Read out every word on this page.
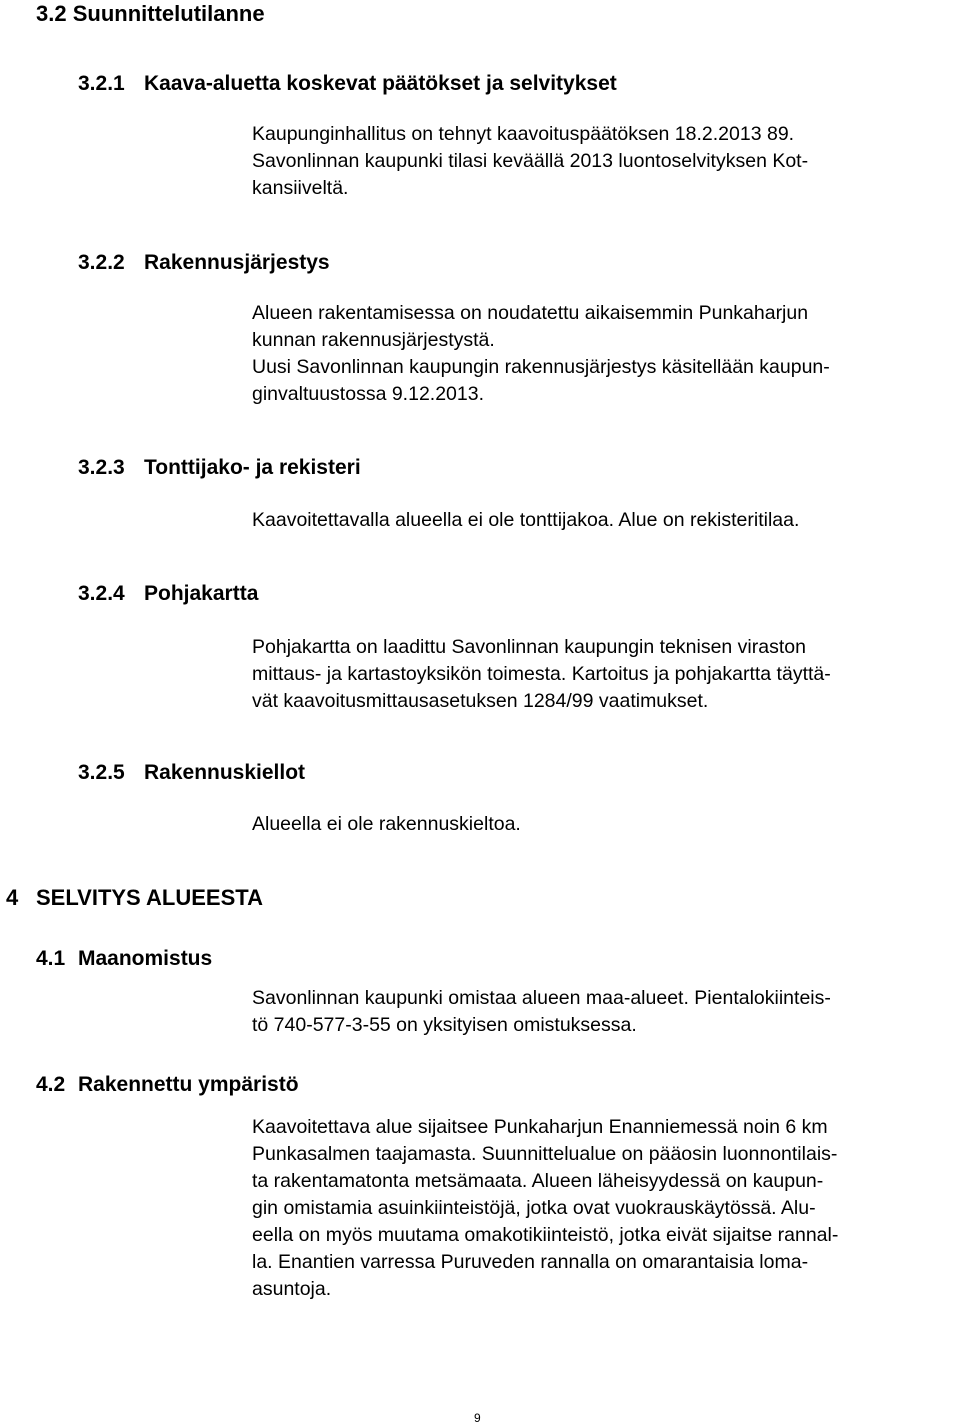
3.2 Suunnittelutilanne
3.2.1 Kaava-aluetta koskevat päätökset ja selvitykset
Kaupunginhallitus on tehnyt kaavoituspäätöksen 18.2.2013 89.
Savonlinnan kaupunki tilasi keväällä 2013 luontoselvityksen Kot-
kansiiveltä.
3.2.2 Rakennusjärjestys
Alueen rakentamisessa on noudatettu aikaisemmin Punkaharjun
kunnan rakennusjärjestystä.
Uusi Savonlinnan kaupungin rakennusjärjestys käsitellään kaupun-
ginvaltuustossa 9.12.2013.
3.2.3 Tonttijako- ja rekisteri
Kaavoitettavalla alueella ei ole tonttijakoa. Alue on rekisteritilaa.
3.2.4 Pohjakartta
Pohjakartta on laadittu Savonlinnan kaupungin teknisen viraston
mittaus- ja kartastoyksikön toimesta. Kartoitus ja pohjakartta täyttä-
vät kaavoitusmittausasetuksen 1284/99 vaatimukset.
3.2.5 Rakennuskiellot
Alueella ei ole rakennuskieltoa.
4 SELVITYS ALUEESTA
4.1 Maanomistus
Savonlinnan kaupunki omistaa alueen maa-alueet. Pientalokiinteis-
tö 740-577-3-55 on yksityisen omistuksessa.
4.2 Rakennettu ympäristö
Kaavoitettava alue sijaitsee Punkaharjun Enanniemessä noin 6 km
Punkasalmen taajamasta. Suunnittelualue on pääosin luonnontilais-
ta rakentamatonta metsämaata. Alueen läheisyydessä on kaupun-
gin omistamia asuinkiinteistöjä, jotka ovat vuokrauskäytössä. Alu-
eella on myös muutama omakotikiinteistö, jotka eivät sijaitse rannal-
la. Enantien varressa Puruveden rannalla on omarantaisia loma-
asuntoja.
9
